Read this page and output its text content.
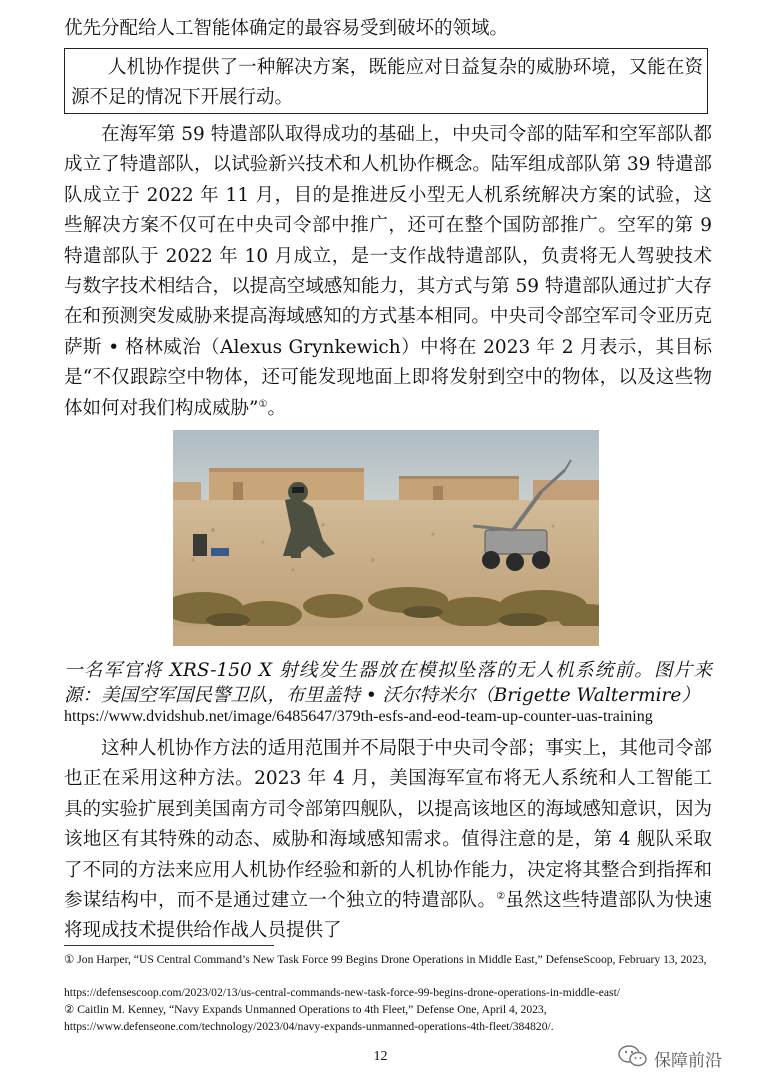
优先分配给人工智能体确定的最容易受到破坏的领域。

人机协作提供了一种解决方案，既能应对日益复杂的威胁环境，又能在资源不足的情况下开展行动。

在海军第 59 特遣部队取得成功的基础上，中央司令部的陆军和空军部队都成立了特遣部队，以试验新兴技术和人机协作概念。陆军组成部队第 39 特遣部队成立于 2022 年 11 月，目的是推进反小型无人机系统解决方案的试验，这些解决方案不仅可在中央司令部中推广，还可在整个国防部推广。空军的第 9 特遣部队于 2022 年 10 月成立，是一支作战特遣部队，负责将无人驾驶技术与数字技术相结合，以提高空域感知能力，其方式与第 59 特遣部队通过扩大存在和预测突发威胁来提高海域感知的方式基本相同。中央司令部空军司令亚历克萨斯 • 格林威治（Alexus Grynkewich）中将在 2023 年 2 月表示，其目标是“不仅跟踪空中物体，还可能发现地面上即将发射到空中的物体，以及这些物体如何对我们构成威胁”①。

一名军官将 XRS-150 X 射线发生器放在模拟坠落的无人机系统前。图片来源：美国空军国民警卫队，布里盖特 • 沃尔特米尔（Brigette Waltermire）

https://www.dvidshub.net/image/6485647/379th-esfs-and-eod-team-up-counter-uas-training

这种人机协作方法的适用范围并不局限于中央司令部；事实上，其他司令部也正在采用这种方法。2023 年 4 月，美国海军宣布将无人系统和人工智能工具的实验扩展到美国南方司令部第四舰队，以提高该地区的海域感知意识，因为该地区有其特殊的动态、威胁和海域感知需求。值得注意的是，第 4 舰队采取了不同的方法来应用人机协作经验和新的人机协作能力，决定将其整合到指挥和参谋结构中，而不是通过建立一个独立的特遣部队。②虽然这些特遣部队为快速将现成技术提供给作战人员提供了

① Jon Harper, “US Central Command’s New Task Force 99 Begins Drone Operations in Middle East,” DefenseScoop, February 13, 2023,

https://defensescoop.com/2023/02/13/us-central-commands-new-task-force-99-begins-drone-operations-in-middle-east/

② Caitlin M. Kenney, “Navy Expands Unmanned Operations to 4th Fleet,” Defense One, April 4, 2023,

https://www.defenseone.com/technology/2023/04/navy-expands-unmanned-operations-4th-fleet/384820/.

12	保障前沿
